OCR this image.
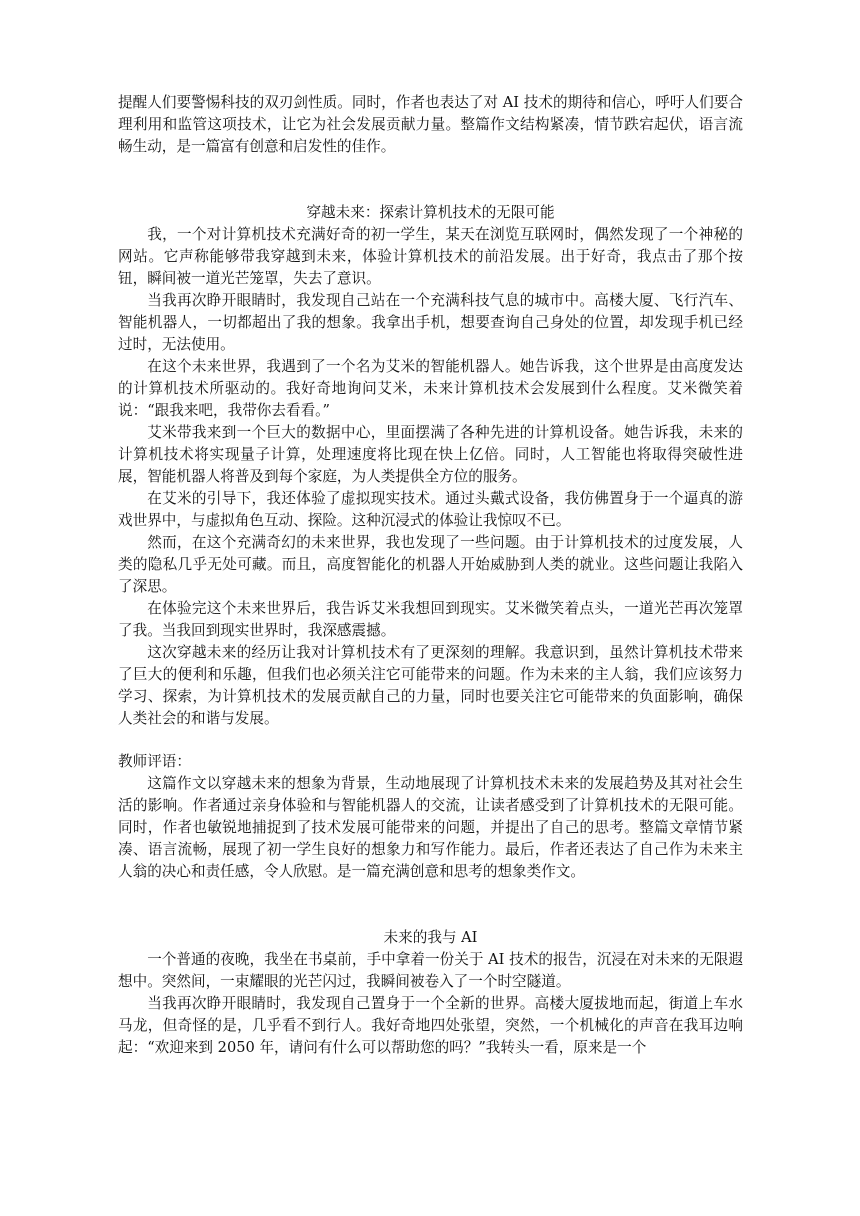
提醒人们要警惕科技的双刃剑性质。同时，作者也表达了对 AI 技术的期待和信心，呼吁人们要合理利用和监管这项技术，让它为社会发展贡献力量。整篇作文结构紧凑，情节跌宕起伏，语言流畅生动，是一篇富有创意和启发性的佳作。

穿越未来：探索计算机技术的无限可能

我，一个对计算机技术充满好奇的初一学生，某天在浏览互联网时，偶然发现了一个神秘的网站。它声称能够带我穿越到未来，体验计算机技术的前沿发展。出于好奇，我点击了那个按钮，瞬间被一道光芒笼罩，失去了意识。

当我再次睁开眼睛时，我发现自己站在一个充满科技气息的城市中。高楼大厦、飞行汽车、智能机器人，一切都超出了我的想象。我拿出手机，想要查询自己身处的位置，却发现手机已经过时，无法使用。

在这个未来世界，我遇到了一个名为艾米的智能机器人。她告诉我，这个世界是由高度发达的计算机技术所驱动的。我好奇地询问艾米，未来计算机技术会发展到什么程度。艾米微笑着说：“跟我来吧，我带你去看看。”

艾米带我来到一个巨大的数据中心，里面摆满了各种先进的计算机设备。她告诉我，未来的计算机技术将实现量子计算，处理速度将比现在快上亿倍。同时，人工智能也将取得突破性进展，智能机器人将普及到每个家庭，为人类提供全方位的服务。

在艾米的引导下，我还体验了虚拟现实技术。通过头戴式设备，我仿佛置身于一个逼真的游戏世界中，与虚拟角色互动、探险。这种沉浸式的体验让我惊叹不已。

然而，在这个充满奇幻的未来世界，我也发现了一些问题。由于计算机技术的过度发展，人类的隐私几乎无处可藏。而且，高度智能化的机器人开始威胁到人类的就业。这些问题让我陷入了深思。

在体验完这个未来世界后，我告诉艾米我想回到现实。艾米微笑着点头，一道光芒再次笼罩了我。当我回到现实世界时，我深感震撼。

这次穿越未来的经历让我对计算机技术有了更深刻的理解。我意识到，虽然计算机技术带来了巨大的便利和乐趣，但我们也必须关注它可能带来的问题。作为未来的主人翁，我们应该努力学习、探索，为计算机技术的发展贡献自己的力量，同时也要关注它可能带来的负面影响，确保人类社会的和谐与发展。

教师评语：

这篇作文以穿越未来的想象为背景，生动地展现了计算机技术未来的发展趋势及其对社会生活的影响。作者通过亲身体验和与智能机器人的交流，让读者感受到了计算机技术的无限可能。同时，作者也敏锐地捕捉到了技术发展可能带来的问题，并提出了自己的思考。整篇文章情节紧凑、语言流畅，展现了初一学生良好的想象力和写作能力。最后，作者还表达了自己作为未来主人翁的决心和责任感，令人欣慰。是一篇充满创意和思考的想象类作文。

未来的我与 AI

一个普通的夜晚，我坐在书桌前，手中拿着一份关于 AI 技术的报告，沉浸在对未来的无限遐想中。突然间，一束耀眼的光芒闪过，我瞬间被卷入了一个时空隧道。

当我再次睁开眼睛时，我发现自己置身于一个全新的世界。高楼大厦拔地而起，街道上车水马龙，但奇怪的是，几乎看不到行人。我好奇地四处张望，突然，一个机械化的声音在我耳边响起：“欢迎来到 2050 年，请问有什么可以帮助您的吗？”我转头一看，原来是一个
